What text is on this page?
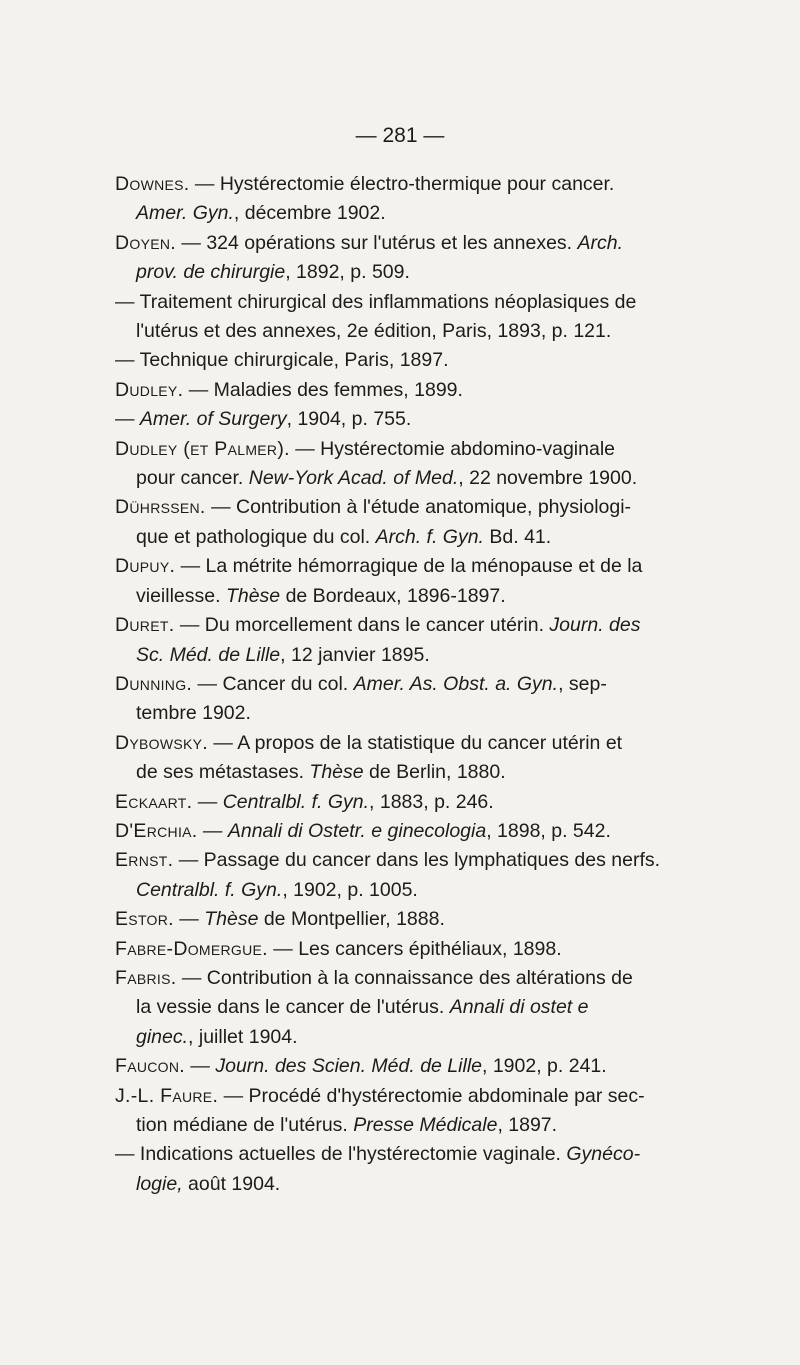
— 281 —
Downes. — Hystérectomie électro-thermique pour cancer.
Amer. Gyn., décembre 1902.
Doyen. — 324 opérations sur l'utérus et les annexes. Arch.
prov. de chirurgie, 1892, p. 509.
— Traitement chirurgical des inflammations néoplasiques de
l'utérus et des annexes, 2e édition, Paris, 1893, p. 121.
— Technique chirurgicale, Paris, 1897.
Dudley. — Maladies des femmes, 1899.
— Amer. of Surgery, 1904, p. 755.
Dudley (et Palmer). — Hystérectomie abdomino-vaginale
pour cancer. New-York Acad. of Med., 22 novembre 1900.
Dührssen. — Contribution à l'étude anatomique, physiologi-
que et pathologique du col. Arch. f. Gyn. Bd. 41.
Dupuy. — La métrite hémorragique de la ménopause et de la
vieillesse. Thèse de Bordeaux, 1896-1897.
Duret. — Du morcellement dans le cancer utérin. Journ. des
Sc. Méd. de Lille, 12 janvier 1895.
Dunning. — Cancer du col. Amer. As. Obst. a. Gyn., sep-
tembre 1902.
Dybowsky. — A propos de la statistique du cancer utérin et
de ses métastases. Thèse de Berlin, 1880.
Eckaart. — Centralbl. f. Gyn., 1883, p. 246.
D'Erchia. — Annali di Ostetr. e ginecologia, 1898, p. 542.
Ernst. — Passage du cancer dans les lymphatiques des nerfs.
Centralbl. f. Gyn., 1902, p. 1005.
Estor. — Thèse de Montpellier, 1888.
Fabre-Domergue. — Les cancers épithéliaux, 1898.
Fabris. — Contribution à la connaissance des altérations de
la vessie dans le cancer de l'utérus. Annali di ostet e
ginec., juillet 1904.
Faucon. — Journ. des Scien. Méd. de Lille, 1902, p. 241.
J.-L. Faure. — Procédé d'hystérectomie abdominale par sec-
tion médiane de l'utérus. Presse Médicale, 1897.
— Indications actuelles de l'hystérectomie vaginale. Gynéco-
logie, août 1904.
